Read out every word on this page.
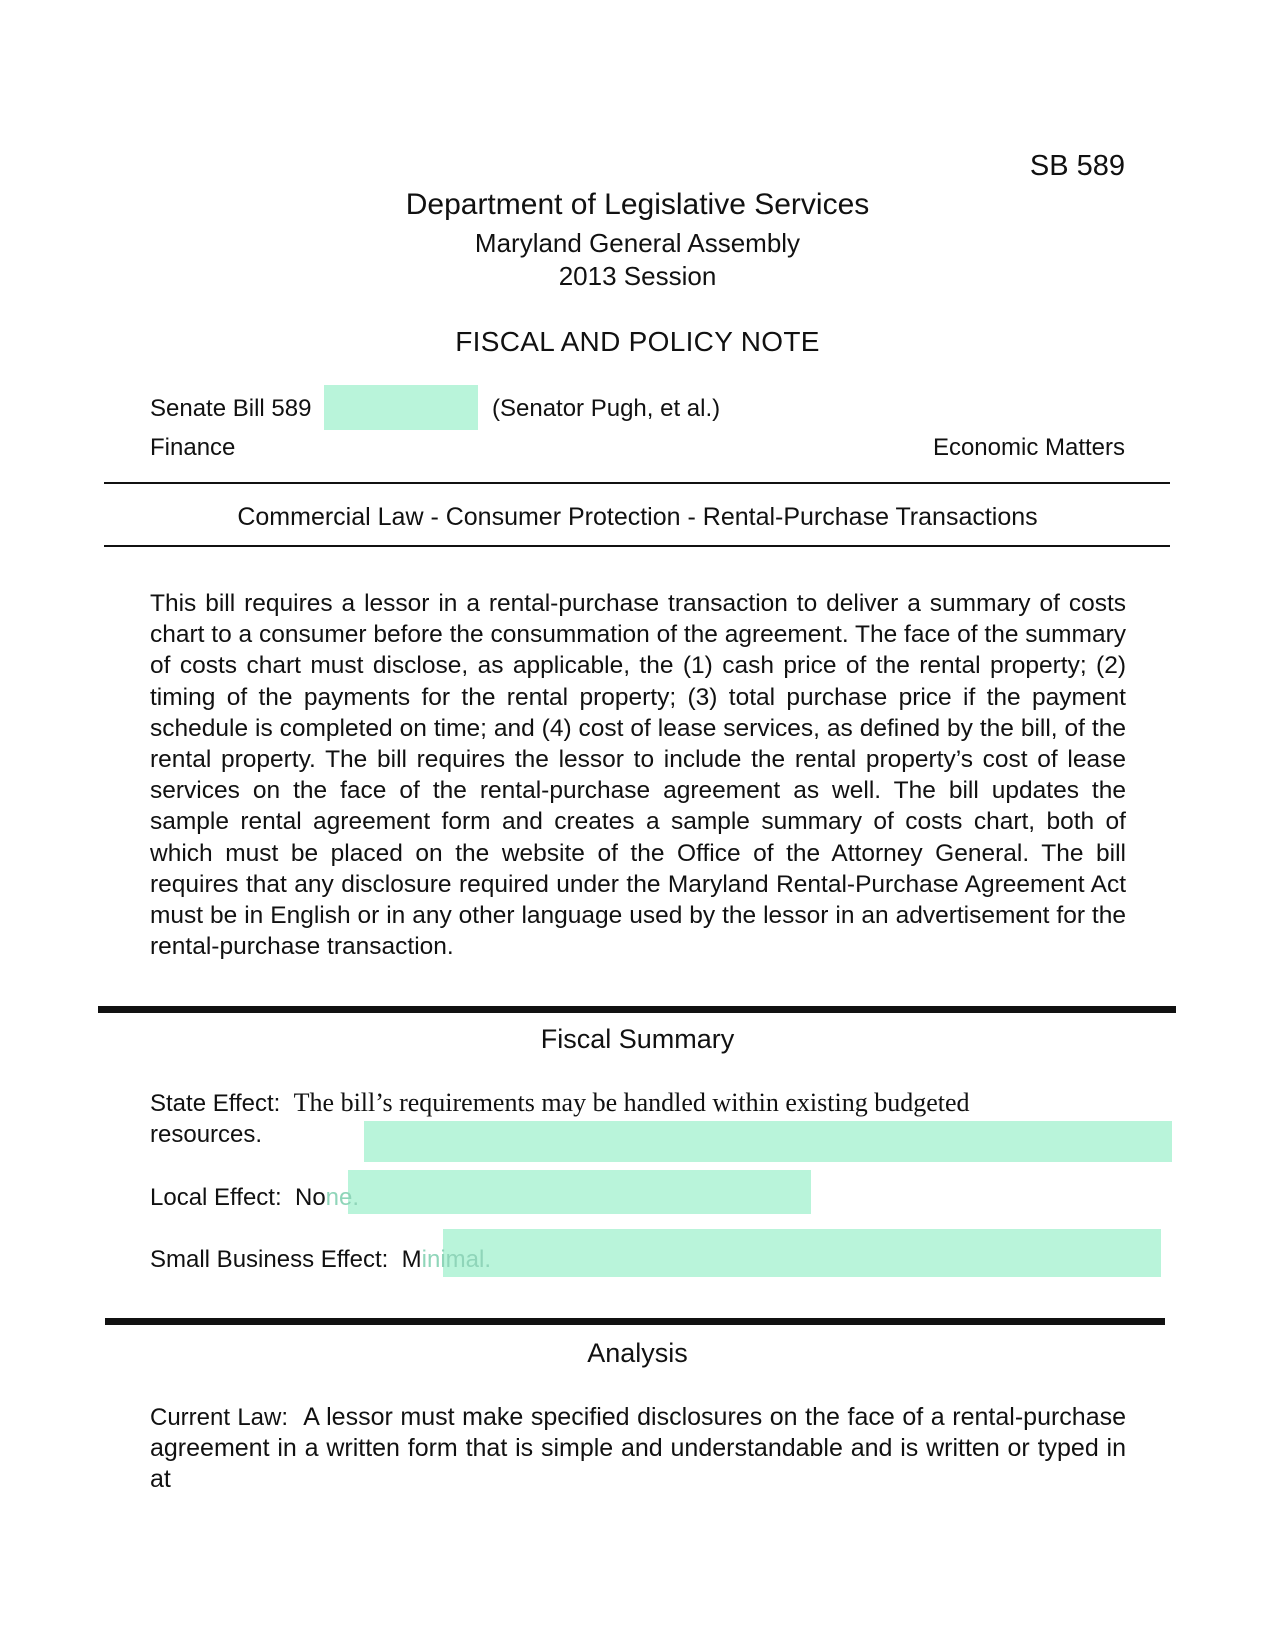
SB 589
Department of Legislative Services
Maryland General Assembly
2013 Session
FISCAL AND POLICY NOTE
Senate Bill 589	(Senator Pugh, et al.)
Finance	Economic Matters
Commercial Law - Consumer Protection - Rental-Purchase Transactions
This bill requires a lessor in a rental-purchase transaction to deliver a summary of costs chart to a consumer before the consummation of the agreement. The face of the summary of costs chart must disclose, as applicable, the (1) cash price of the rental property; (2) timing of the payments for the rental property; (3) total purchase price if the payment schedule is completed on time; and (4) cost of lease services, as defined by the bill, of the rental property. The bill requires the lessor to include the rental property’s cost of lease services on the face of the rental-purchase agreement as well. The bill updates the sample rental agreement form and creates a sample summary of costs chart, both of which must be placed on the website of the Office of the Attorney General. The bill requires that any disclosure required under the Maryland Rental-Purchase Agreement Act must be in English or in any other language used by the lessor in an advertisement for the rental-purchase transaction.
Fiscal Summary
State Effect: The bill’s requirements may be handled within existing budgeted
resources.
Local Effect: None.
Small Business Effect: Minimal.
Analysis
Current Law: A lessor must make specified disclosures on the face of a rental-purchase agreement in a written form that is simple and understandable and is written or typed in at
